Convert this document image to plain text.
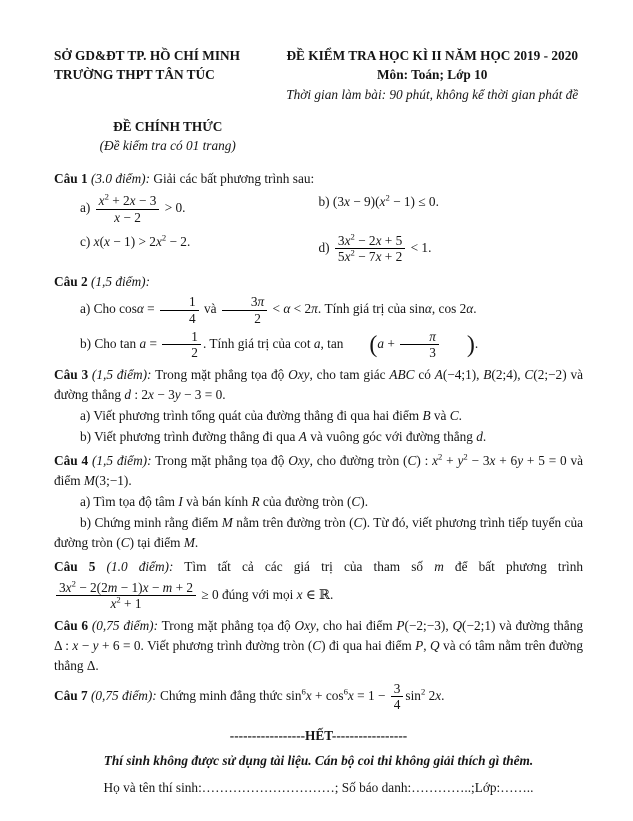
SỞ GD&ĐT TP. HỒ CHÍ MINH

TRƯỜNG THPT TÂN TÚC

ĐỀ KIỂM TRA HỌC KÌ II NĂM HỌC 2019 - 2020

Môn: Toán; Lớp 10

Thời gian làm bài: 90 phút, không kể thời gian phát đề

ĐỀ CHÍNH THỨC

(Đề kiểm tra có 01 trang)

Câu 1 (3.0 điểm): Giải các bất phương trình sau:

$a) \frac{x^2 + 2x - 3}{x - 2} > 0$.	b) $(3x - 9)(x^2 - 1) \le 0$.

c) $x(x - 1) > 2x^2 - 2$.	$d) \frac{3x^2 - 2x + 5}{5x^2 - 7x + 2} < 1$.

Câu 2 (1,5 điểm):

a) Cho $\cos\alpha = \frac{1}{4}$ và $\frac{3\pi}{2} < \alpha < 2\pi$. Tính giá trị của sinα, cos 2α.

b) Cho $\tan a = \frac{1}{2}$ . Tính giá trị của cot a, $\tan (a + \frac{\pi}{3}$ ).

Câu 3 (1,5 điểm): Trong mặt phẳng tọa độ Oxy, cho tam giác ABC có A(−4;1), B(2;4), C(2;−2) và đường thẳng d : 2x − 3y − 3 = 0.

a) Viết phương trình tổng quát của đường thẳng đi qua hai điểm B và C.

b) Viết phương trình đường thẳng đi qua A và vuông góc với đường thẳng d.

Câu 4 (1,5 điểm): Trong mặt phẳng tọa độ Oxy, cho đường tròn (C) : $x^2 + y^2 - 3x + 6y + 5 = 0$ và điểm M(3;−1).

a) Tìm tọa độ tâm I và bán kính R của đường tròn (C).

b) Chứng minh rằng điểm M nằm trên đường tròn (C). Từ đó, viết phương trình tiếp tuyến của đường tròn (C) tại điểm M.

Câu 5 (1.0 điểm): Tìm tất cả các giá trị của tham số m để bất phương trình

$\frac{3x^2 - 2(2m - 1)x - m + 2}{x^2 + 1} \ge 0$ đúng với mọi x ∈ ℝ.

Câu 6 (0,75 điểm): Trong mặt phẳng tọa độ Oxy, cho hai điểm P(−2;−3), Q(−2;1) và đường thẳng Δ : x − y + 6 = 0. Viết phương trình đường tròn (C) đi qua hai điểm P, Q và có tâm nằm trên đường thẳng Δ.

Câu 7 (0,75 điểm): Chứng minh đẳng thức $\sin^6x + \cos^6x = 1 - \frac{3}{4} \sin^2 2x$.

-----------------HẾT-----------------

Thí sinh không được sử dụng tài liệu. Cán bộ coi thi không giải thích gì thêm.

Họ và tên thí sinh:…………………………; Số báo danh:…………..;Lớp:……..
